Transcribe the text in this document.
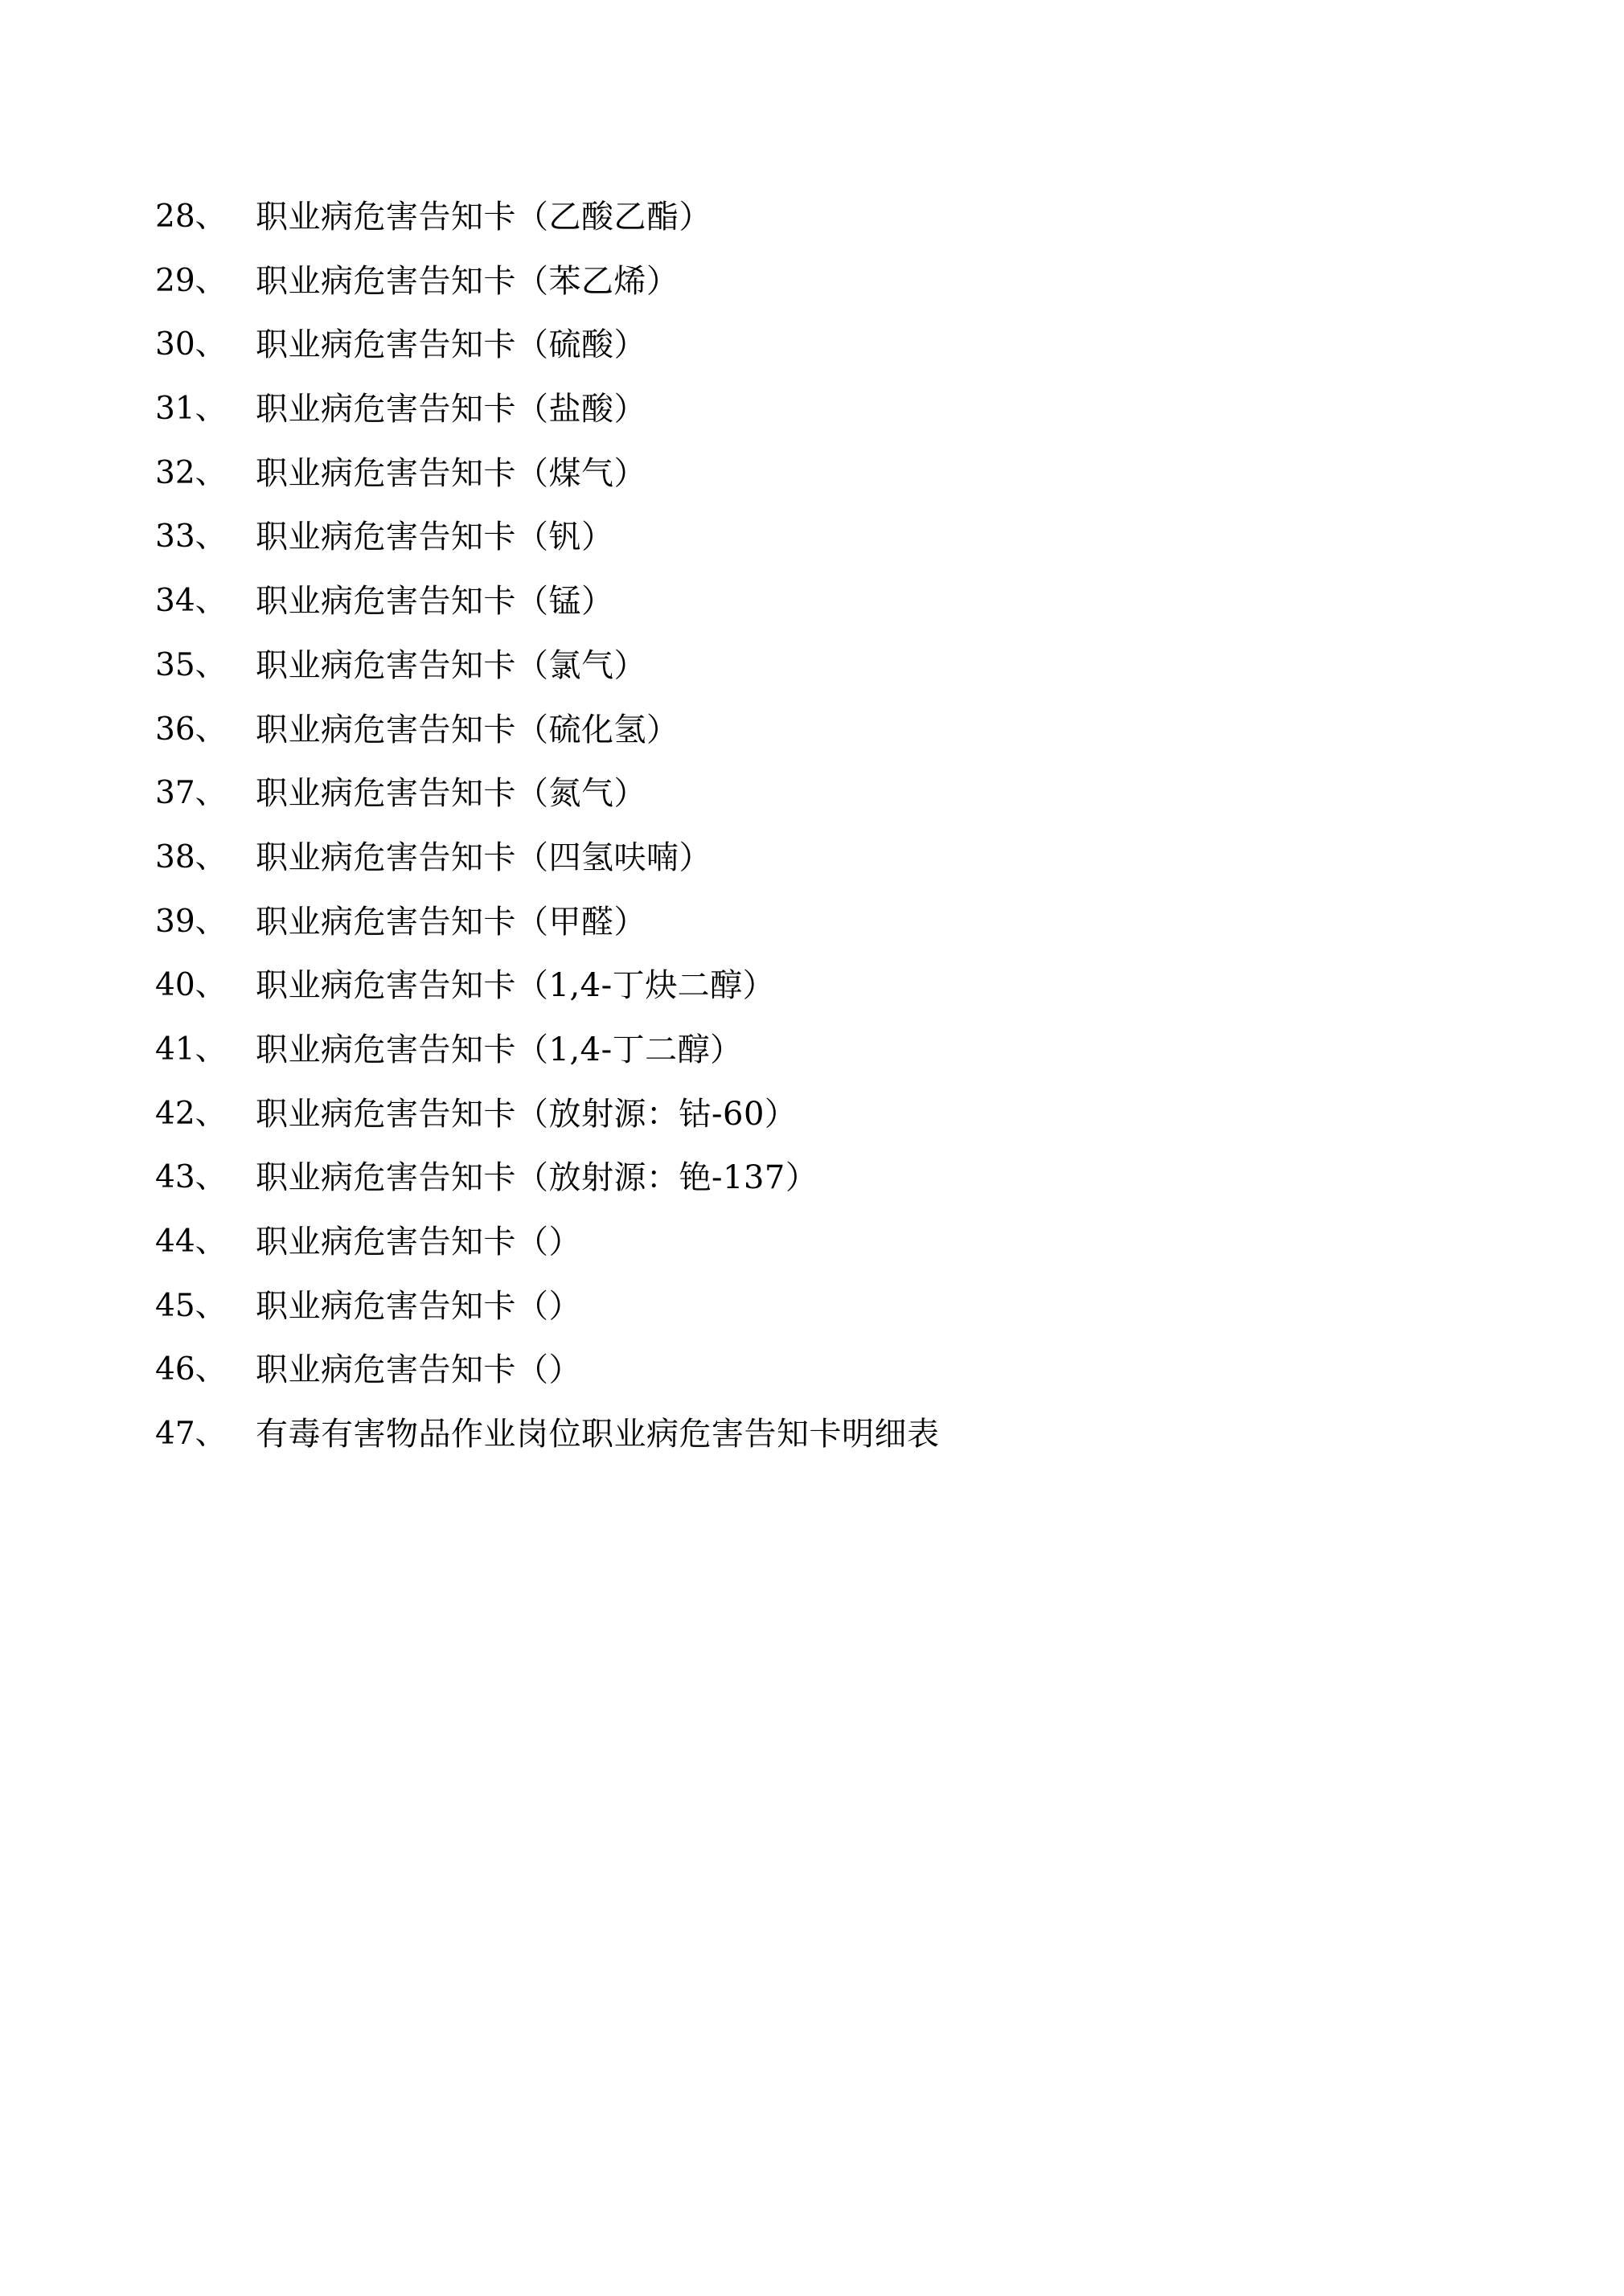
28、 职业病危害告知卡（乙酸乙酯）
29、 职业病危害告知卡（苯乙烯）
30、 职业病危害告知卡（硫酸）
31、 职业病危害告知卡（盐酸）
32、 职业病危害告知卡（煤气）
33、 职业病危害告知卡（钒）
34、 职业病危害告知卡（锰）
35、 职业病危害告知卡（氯气）
36、 职业病危害告知卡（硫化氢）
37、 职业病危害告知卡（氮气）
38、 职业病危害告知卡（四氢呋喃）
39、 职业病危害告知卡（甲醛）
40、 职业病危害告知卡（1,4-丁炔二醇）
41、 职业病危害告知卡（1,4-丁二醇）
42、 职业病危害告知卡（放射源：钴-60）
43、 职业病危害告知卡（放射源：铯-137）
44、 职业病危害告知卡（）
45、 职业病危害告知卡（）
46、 职业病危害告知卡（）
47、 有毒有害物品作业岗位职业病危害告知卡明细表
